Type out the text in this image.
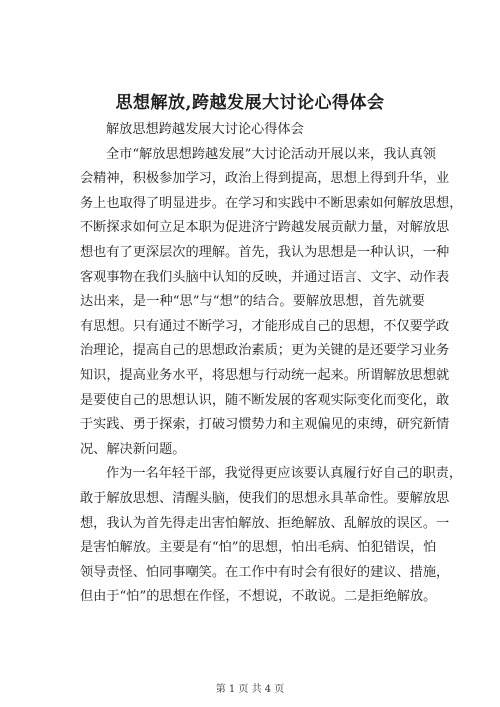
思想解放,跨越发展大讨论心得体会
解放思想跨越发展大讨论心得体会
全市“解放思想跨越发展”大讨论活动开展以来，我认真领
会精神，积极参加学习，政治上得到提高，思想上得到升华，业
务上也取得了明显进步。在学习和实践中不断思索如何解放思想，
不断探求如何立足本职为促进济宁跨越发展贡献力量，对解放思
想也有了更深层次的理解。首先，我认为思想是一种认识，一种
客观事物在我们头脑中认知的反映，并通过语言、文字、动作表
达出来，是一种“思”与“想”的结合。要解放思想，首先就要
有思想。只有通过不断学习，才能形成自己的思想，不仅要学政
治理论，提高自己的思想政治素质；更为关键的是还要学习业务
知识，提高业务水平，将思想与行动统一起来。所谓解放思想就
是要使自己的思想认识，随不断发展的客观实际变化而变化，敢
于实践、勇于探索，打破习惯势力和主观偏见的束缚，研究新情
况、解决新问题。
作为一名年轻干部，我觉得更应该要认真履行好自己的职责，
敢于解放思想、清醒头脑，使我们的思想永具革命性。要解放思
想，我认为首先得走出害怕解放、拒绝解放、乱解放的误区。一
是害怕解放。主要是有“怕”的思想，怕出毛病、怕犯错误，怕
领导责怪、怕同事嘲笑。在工作中有时会有很好的建议、措施，
但由于“怕”的思想在作怪，不想说，不敢说。二是拒绝解放。
第 1 页 共 4 页
